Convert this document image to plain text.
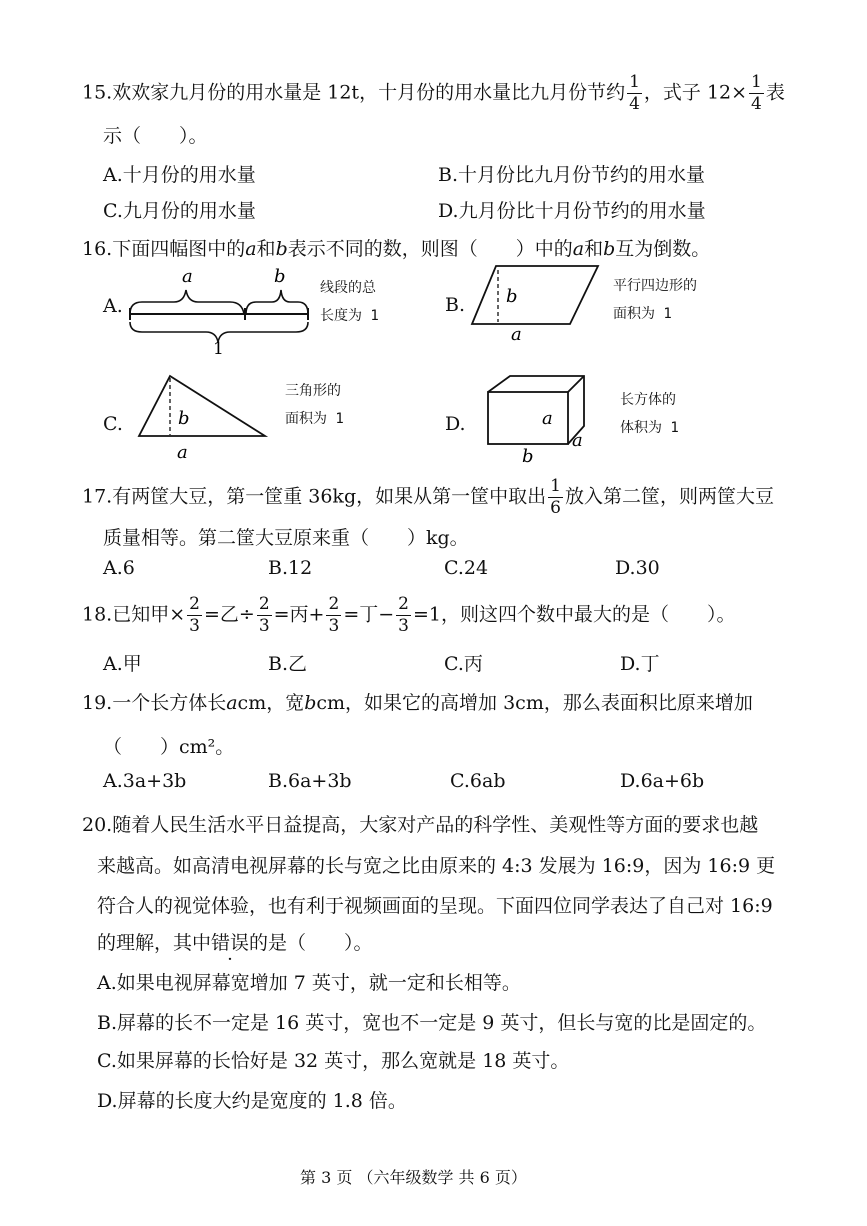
15.欢欢家九月份的用水量是 12t，十月份的用水量比九月份节约 $\frac{1}{4}$ ，式子 $12\times \frac{1}{4}$ 表
示（　　）。
A.十月份的用水量	B.十月份比九月份节约的用水量
C.九月份的用水量	D.九月份比十月份节约的用水量
16.下面四幅图中的a和b表示不同的数，则图（　　）中的a和b互为倒数。
A.
a	b
1
线段的总
长度为 1	B. b
a
平行四边形的
面积为 1
C.	b
a
三角形的
面积为 1	D.	a
a
b
长方体的
体积为 1
17.有两筐大豆，第一筐重 36kg，如果从第一筐中取出 $\frac{1}{6}$ 放入第二筐，则两筐大豆
质量相等。第二筐大豆原来重（　　）kg。
A.6	B.12	C.24	D.30
18.已知甲× $\frac{2}{3}$ =乙÷ $\frac{2}{3}$ =丙+ $\frac{2}{3}$ =丁− $\frac{2}{3} =1$，则这四个数中最大的是（　　）。
A.甲	B.乙	C.丙	D.丁
19.一个长方体长acm，宽bcm，如果它的高增加 3cm，那么表面积比原来增加
（　　）cm²。
A.3a+3b	B.6a+3b	C.6ab	D.6a+6b
20.随着人民生活水平日益提高，大家对产品的科学性、美观性等方面的要求也越
来越高。如高清电视屏幕的长与宽之比由原来的 4:3 发展为 16:9，因为 16:9 更
符合人的视觉体验，也有利于视频画面的呈现。下面四位同学表达了自己对 16:9
的理解，其中错误的是（　　）。
A.如果电视屏幕宽增加 7 英寸，就一定和长相等。
B.屏幕的长不一定是 16 英寸，宽也不一定是 9 英寸，但长与宽的比是固定的。
C.如果屏幕的长恰好是 32 英寸，那么宽就是 18 英寸。
D.屏幕的长度大约是宽度的 1.8 倍。
第 3 页 （六年级数学 共 6 页）
